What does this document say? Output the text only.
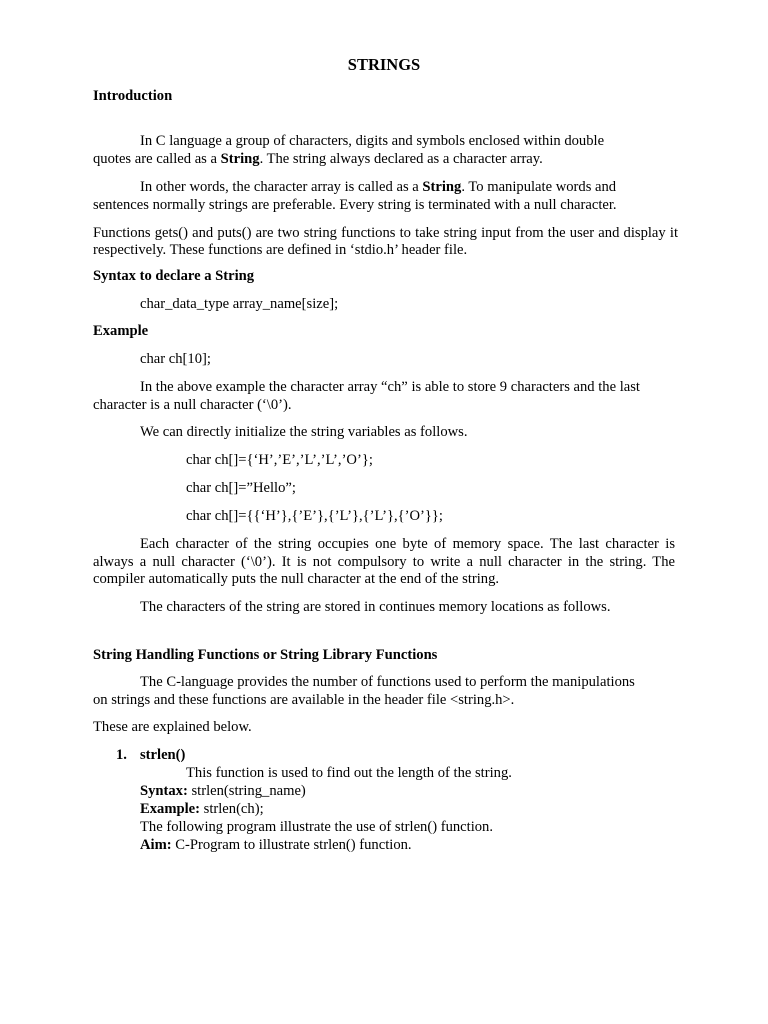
STRINGS
Introduction
In C language a group of characters, digits and symbols enclosed within double
quotes are called as a String. The string always declared as a character array.
In other words, the character array is called as a String. To manipulate words and
sentences normally strings are preferable. Every string is terminated with a null character.
Functions gets() and puts() are two string functions to take string input from the user and display it
respectively. These functions are defined in ‘stdio.h’ header file.
Syntax to declare a String
char_data_type array_name[size];
Example
char ch[10];
In the above example the character array “ch” is able to store 9 characters and the last
character is a null character (‘\0’).
We can directly initialize the string variables as follows.
char ch[]={‘H’,’E’,’L’,’L’,’O’};
char ch[]=”Hello”;
char ch[]={{‘H’},{’E’},{’L’},{’L’},{’O’}};
Each character of the string occupies one byte of memory space. The last character is
always a null character (‘\0’). It is not compulsory to write a null character in the string. The
compiler automatically puts the null character at the end of the string.
The characters of the string are stored in continues memory locations as follows.
String Handling Functions or String Library Functions
The C-language provides the number of functions used to perform the manipulations
on strings and these functions are available in the header file <string.h>.
These are explained below.
1. strlen()
This function is used to find out the length of the string.
Syntax: strlen(string_name)
Example: strlen(ch);
The following program illustrate the use of strlen() function.
Aim: C-Program to illustrate strlen() function.
